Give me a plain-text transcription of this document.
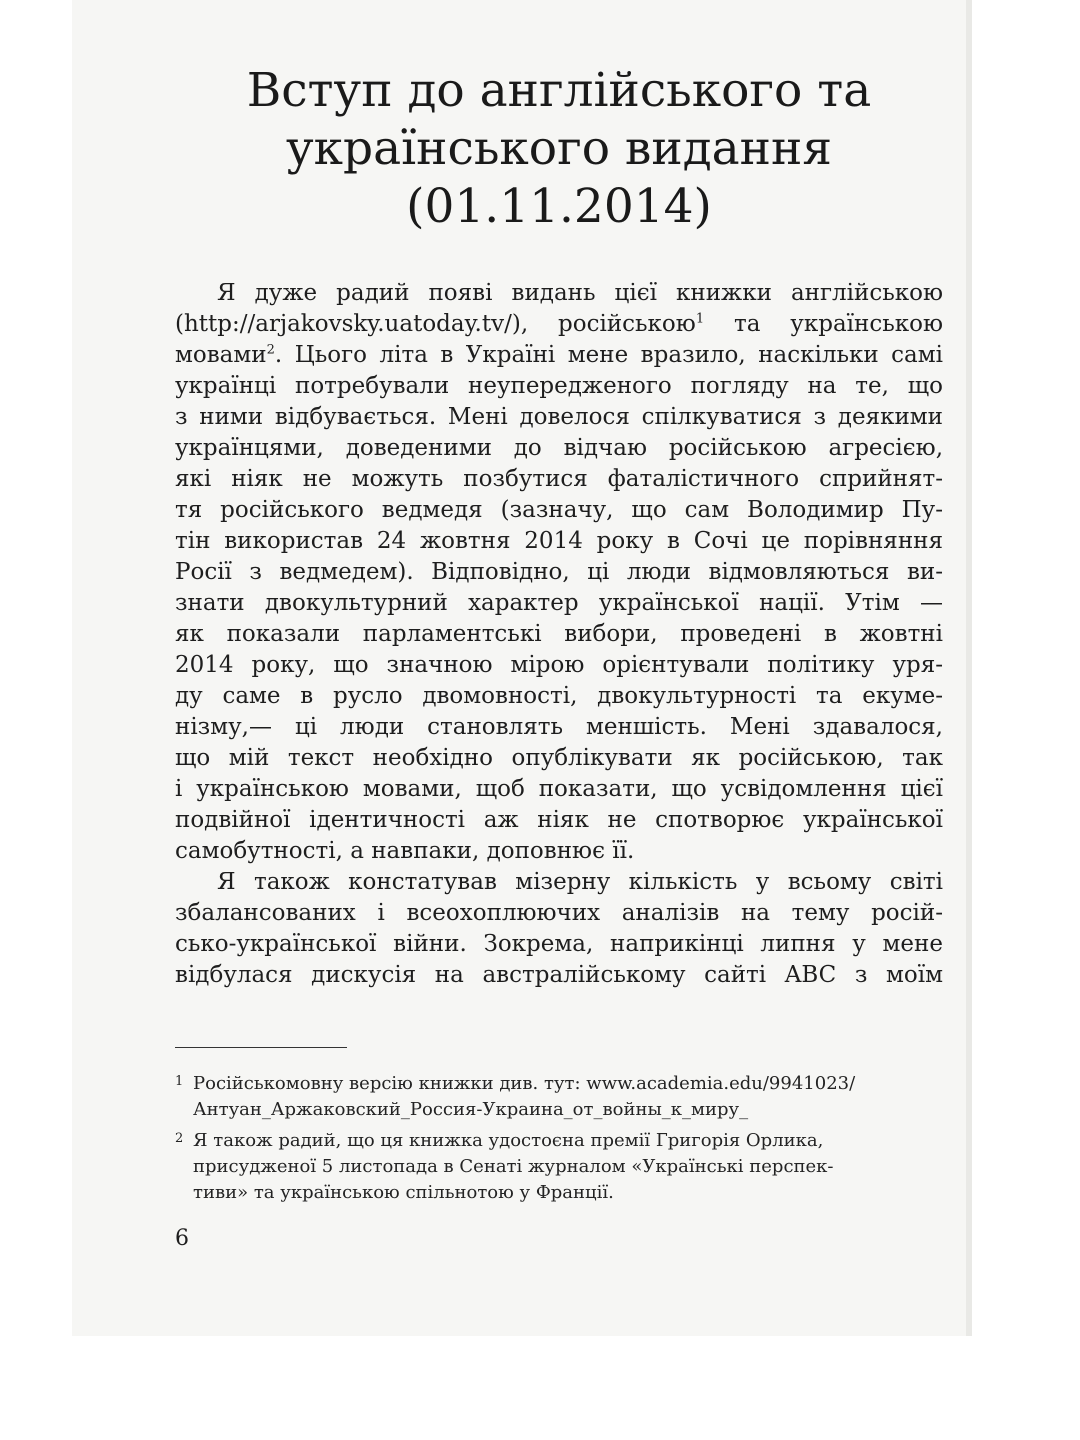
Вступ до англійського та
українського видання
(01.11.2014)
Я дуже радий появі видань цієї книжки англійською
(http://arjakovsky.uatoday.tv/), російською$^1$ та українською
мовами$^2$. Цього літа в Україні мене вразило, наскільки самі
українці потребували неупередженого погляду на те, що
з ними відбувається. Мені довелося спілкуватися з деякими
українцями, доведеними до відчаю російською агресією,
які ніяк не можуть позбутися фаталістичного сприйнят-
тя російського ведмедя (зазначу, що сам Володимир Пу-
тін використав 24 жовтня 2014 року в Сочі це порівняння
Росії з ведмедем). Відповідно, ці люди відмовляються ви-
знати двокультурний характер української нації. Утім —
як показали парламентські вибори, проведені в жовтні
2014 року, що значною мірою орієнтували політику уря-
ду саме в русло двомовності, двокультурності та екуме-
нізму,— ці люди становлять меншість. Мені здавалося,
що мій текст необхідно опублікувати як російською, так
і українською мовами, щоб показати, що усвідомлення цієї
подвійної ідентичності аж ніяк не спотворює української
самобутності, а навпаки, доповнює її.
Я також констатував мізерну кількість у всьому світі
збалансованих і всеохоплюючих аналізів на тему росій-
сько-української війни. Зокрема, наприкінці липня у мене
відбулася дискусія на австралійському сайті ABC з моїм
1 Російськомовну версію книжки див. тут: www.academia.edu/9941023/
Антуан_Аржаковский_Россия-Украина_от_войны_к_миру_
2 Я також радий, що ця книжка удостоєна премії Григорія Орлика,
присудженої 5 листопада в Сенаті журналом «Українські перспек-
тиви» та українською спільнотою у Франції.
6
